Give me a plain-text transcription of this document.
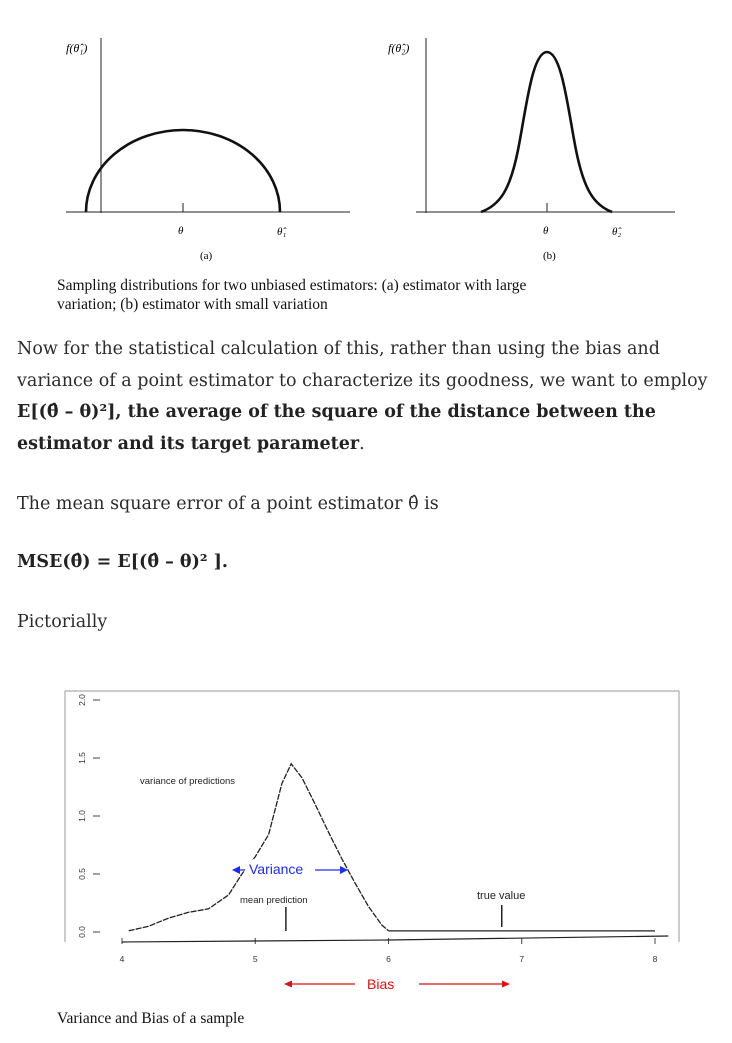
f(θ̂₁)
θ	θ̂₁
(a)
f(θ̂₂)
θ	θ̂₂
(b)
Sampling distributions for two unbiased estimators: (a) estimator with large
variation; (b) estimator with small variation
Now for the statistical calculation of this, rather than using the bias and variance of a point estimator to characterize its goodness, we want to employ E[(θ̂ – θ)²], the average of the square of the distance between the estimator and its target parameter.
The mean square error of a point estimator θ̂ is
MSE(θ̂) = E[(θ̂ – θ)² ].
Pictorially
0.0
0.5
1.0
1.5
2.0
4	5	6	7	8
variance of predictions
Variance
mean prediction	true value
Bias
Variance and Bias of a sample
